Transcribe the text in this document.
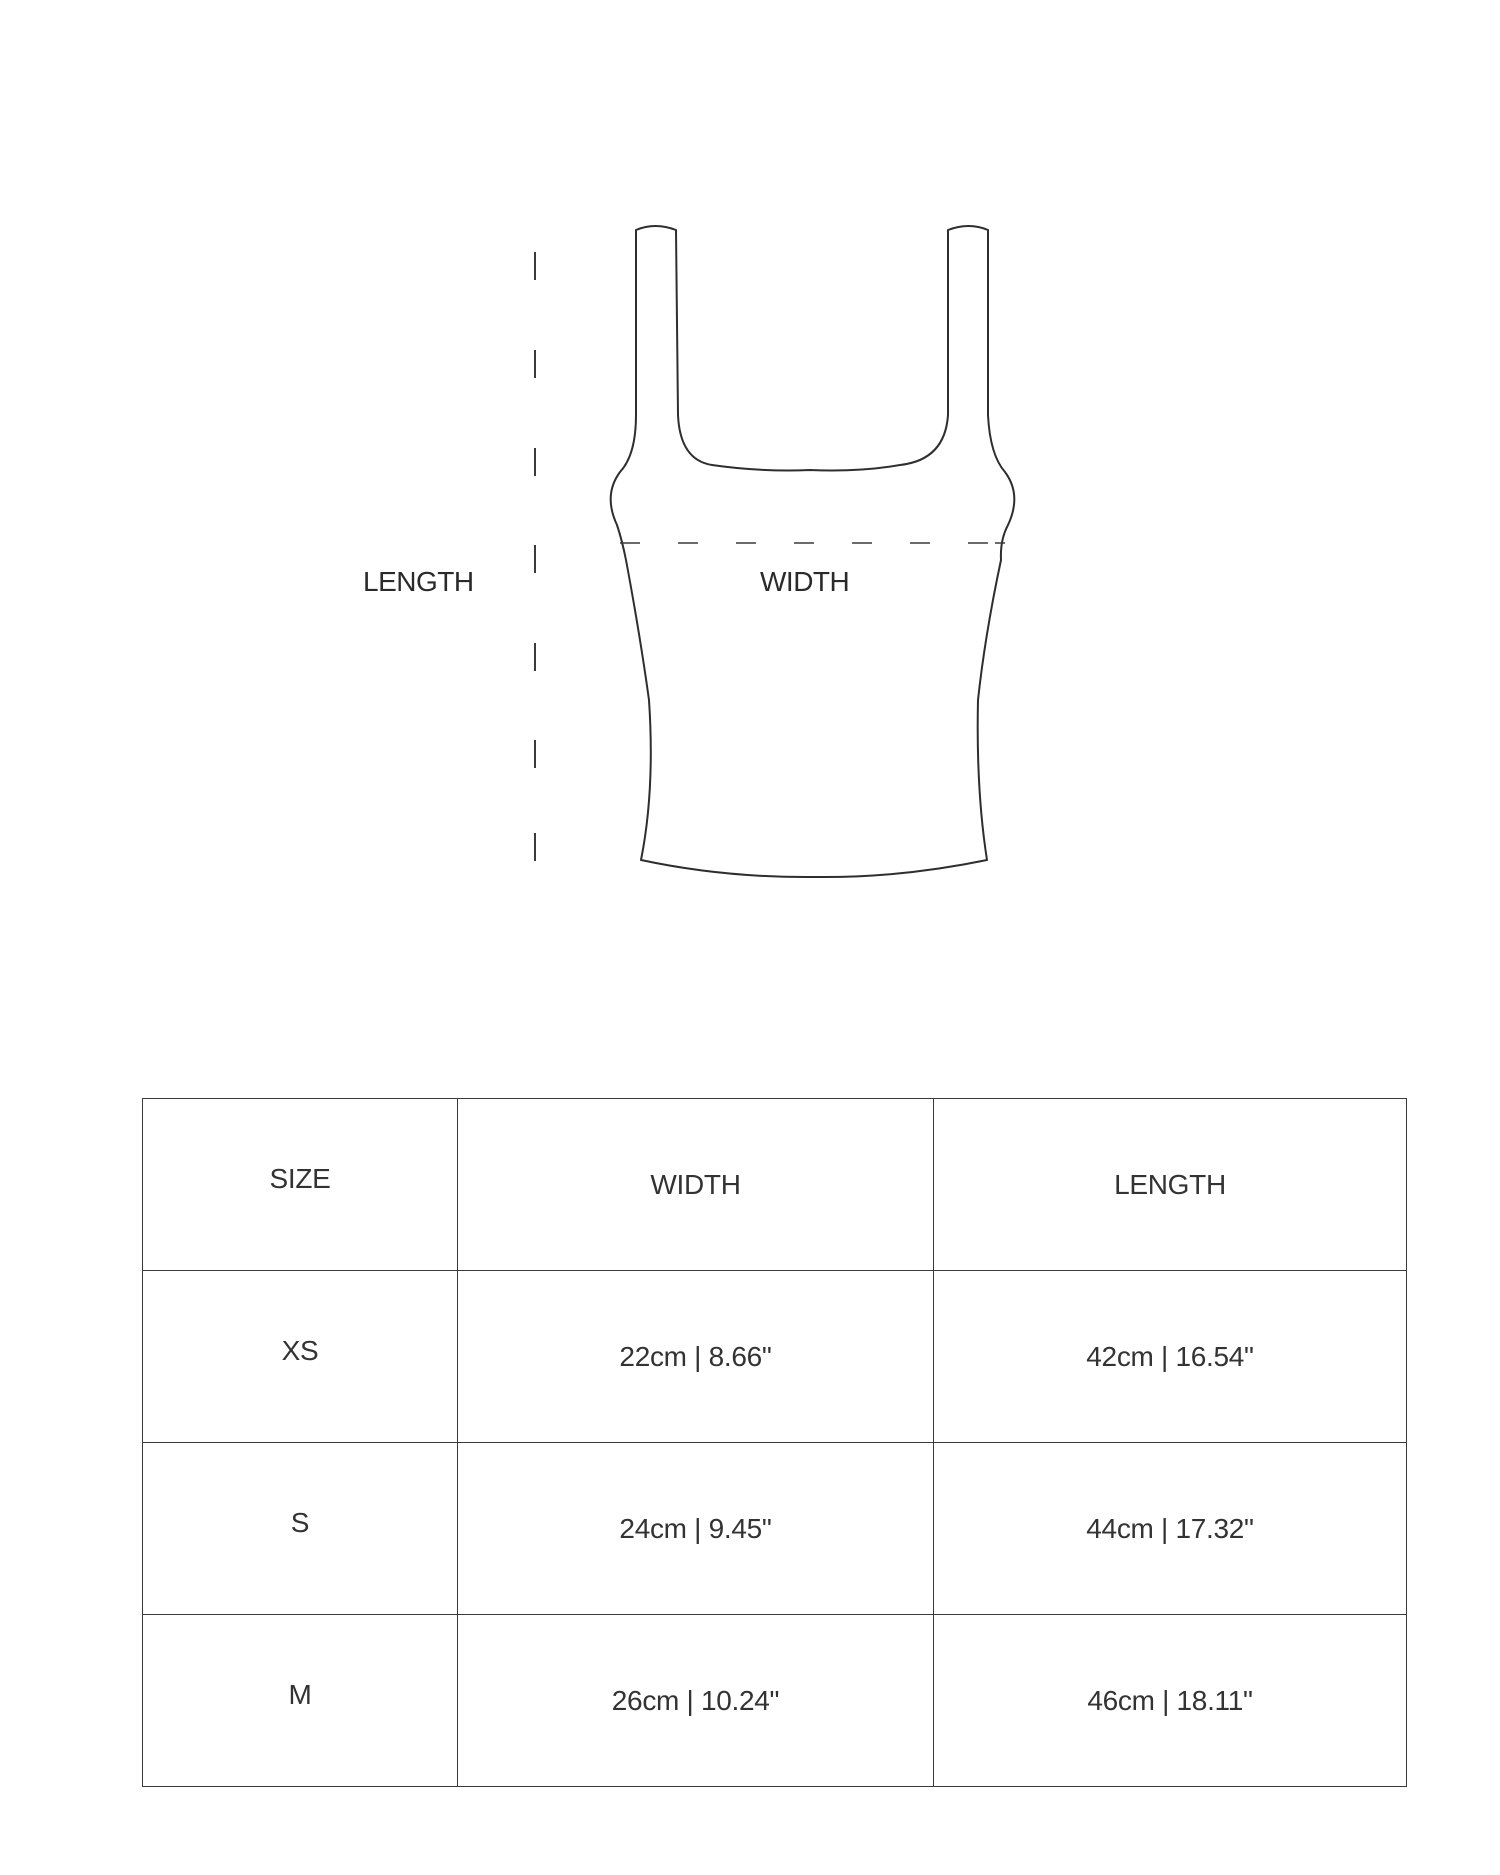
LENGTH	WIDTH
SIZE	WIDTH	LENGTH
XS	22cm | 8.66"	42cm | 16.54"
S	24cm | 9.45"	44cm | 17.32"
M	26cm | 10.24"	46cm | 18.11"
